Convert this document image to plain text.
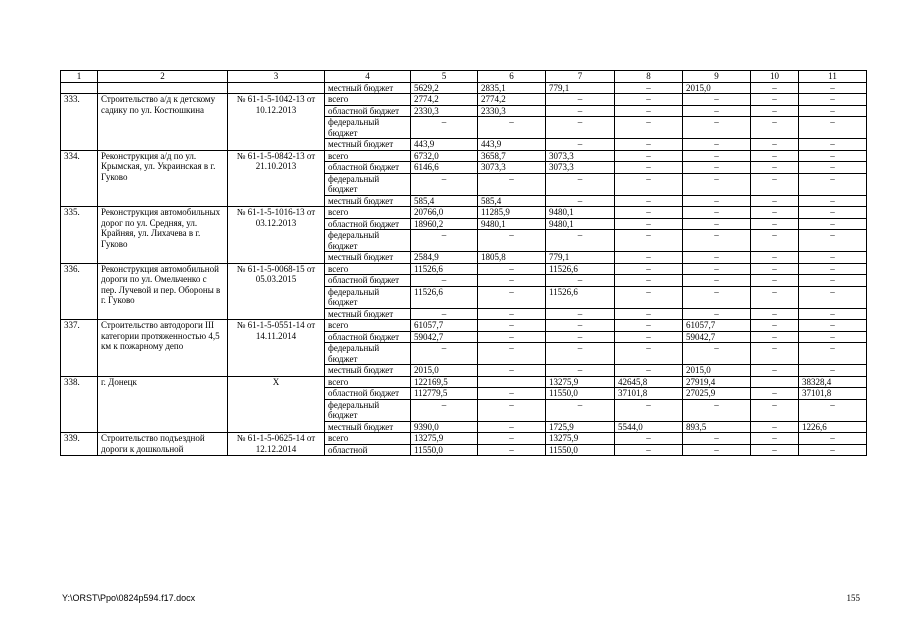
1	2	3	4	5	6	7	8	9	10	11
			местный бюджет	5629,2	2835,1	779,1	–	2015,0	–	–
333.	Строительство а/д к детскому садику по ул. Костюшкина	№ 61-1-5-1042-13 от 10.12.2013	всего	2774,2	2774,2	–	–	–	–	–
			областной бюджет	2330,3	2330,3	–	–	–	–	–
			федеральный бюджет	–	–	–	–	–	–	–
			местный бюджет	443,9	443,9	–	–	–	–	–
334.	Реконструкция а/д по ул. Крымская, ул. Украинская в г. Гуково	№ 61-1-5-0842-13 от 21.10.2013	всего	6732,0	3658,7	3073,3	–	–	–	–
			областной бюджет	6146,6	3073,3	3073,3	–	–	–	–
			федеральный бюджет	–	–	–	–	–	–	–
			местный бюджет	585,4	585,4	–	–	–	–	–
335.	Реконструкция автомобильных дорог по ул. Средняя, ул. Крайняя, ул. Лихачева в г. Гуково	№ 61-1-5-1016-13 от 03.12.2013	всего	20766,0	11285,9	9480,1	–	–	–	–
			областной бюджет	18960,2	9480,1	9480,1	–	–	–	–
			федеральный бюджет	–	–	–	–	–	–	–
			местный бюджет	2584,9	1805,8	779,1	–	–	–	–
336.	Реконструкция автомобильной дороги по ул. Омельченко с пер. Лучевой и пер. Обороны в г. Гуково	№ 61-1-5-0068-15 от 05.03.2015	всего	11526,6	–	11526,6	–	–	–	–
			областной бюджет	–	–	–	–	–	–	–
			федеральный бюджет	11526,6	–	11526,6	–	–	–	–
			местный бюджет	–	–	–	–	–	–	–
337.	Строительство автодороги III категории протяженностью 4,5 км к пожарному депо	№ 61-1-5-0551-14 от 14.11.2014	всего	61057,7	–	–	–	61057,7	–	–
			областной бюджет	59042,7	–	–	–	59042,7	–	–
			федеральный бюджет	–	–	–	–	–	–	–
			местный бюджет	2015,0	–	–	–	2015,0	–	–
338.	г. Донецк	Х	всего	122169,5		13275,9	42645,8	27919,4		38328,4
			областной бюджет	112779,5	–	11550,0	37101,8	27025,9	–	37101,8
			федеральный бюджет	–	–	–	–	–	–	–
			местный бюджет	9390,0	–	1725,9	5544,0	893,5	–	1226,6
339.	Строительство подъездной дороги к дошкольной	№ 61-1-5-0625-14 от 12.12.2014	всего	13275,9	–	13275,9	–	–	–	–
			областной	11550,0	–	11550,0	–	–	–	–
Y:\ORST\Ppo\0824p594.f17.docx	155
